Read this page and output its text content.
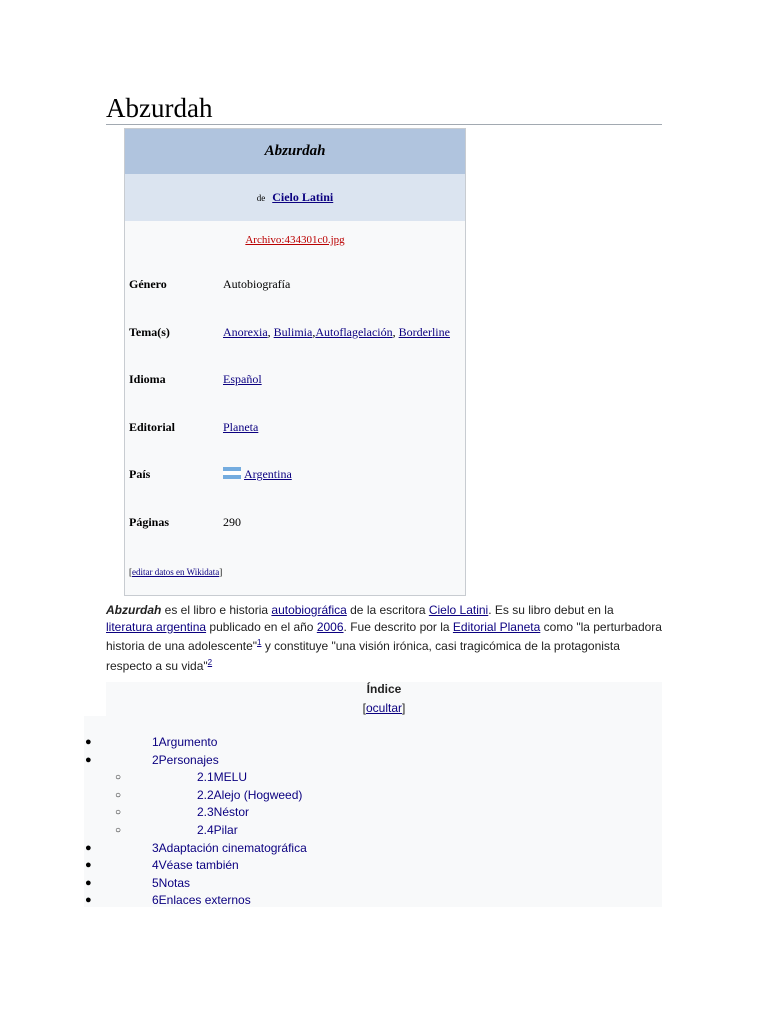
Abzurdah
Abzurdah
de Cielo Latini
Archivo:434301c0.jpg
Género	Autobiografía
Tema(s)	Anorexia, Bulimia,Autoflagelación, Borderline
Idioma	Español
Editorial	Planeta
País	Argentina
Páginas	290
[editar datos en Wikidata]
Abzurdah es el libro e historia autobiográfica de la escritora Cielo Latini. Es su libro debut en la literatura argentina publicado en el año 2006. Fue descrito por la Editorial Planeta como "la perturbadora historia de una adolescente"$^1$ y constituye "una visión irónica, casi tragicómica de la protagonista respecto a su vida"$^2$
Índice
[ocultar]
●	1Argumento
●	2Personajes
○	2.1MELU
○	2.2Alejo (Hogweed)
○	2.3Néstor
○	2.4Pilar
●	3Adaptación cinematográfica
●	4Véase también
●	5Notas
●	6Enlaces externos
